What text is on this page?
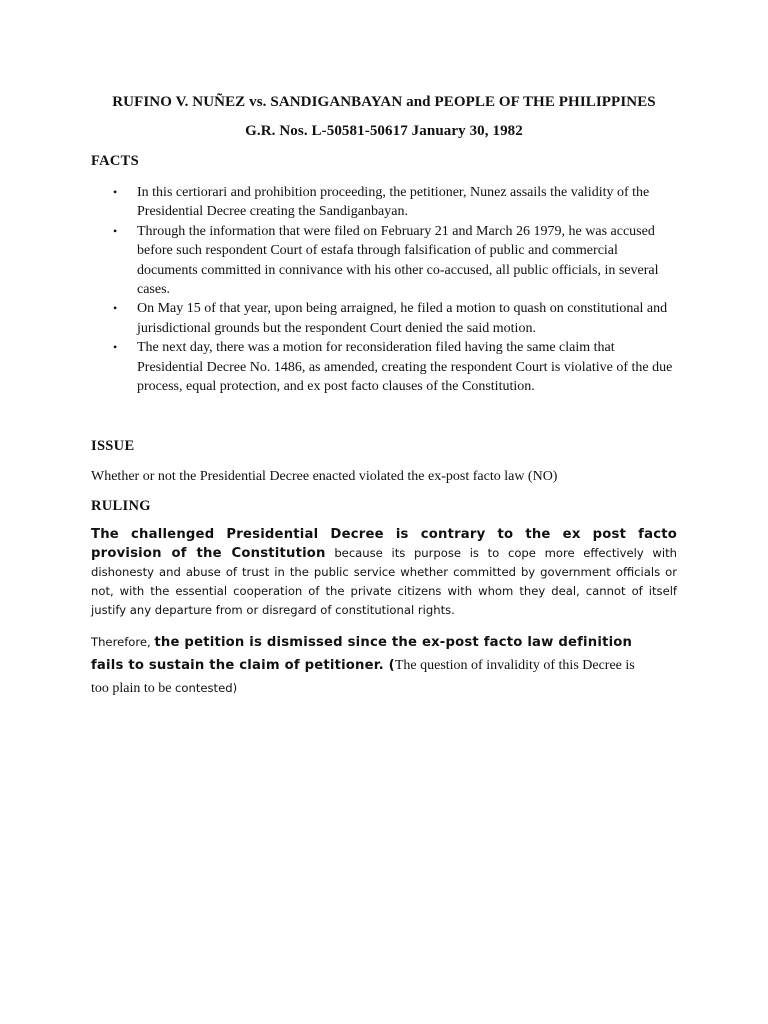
RUFINO V. NUÑEZ vs. SANDIGANBAYAN and PEOPLE OF THE PHILIPPINES
G.R. Nos. L-50581-50617 January 30, 1982
FACTS
• In this certiorari and prohibition proceeding, the petitioner, Nunez assails the validity of the Presidential Decree creating the Sandiganbayan.
• Through the information that were filed on February 21 and March 26 1979, he was accused before such respondent Court of estafa through falsification of public and commercial documents committed in connivance with his other co-accused, all public officials, in several cases.
• On May 15 of that year, upon being arraigned, he filed a motion to quash on constitutional and jurisdictional grounds but the respondent Court denied the said motion.
• The next day, there was a motion for reconsideration filed having the same claim that Presidential Decree No. 1486, as amended, creating the respondent Court is violative of the due process, equal protection, and ex post facto clauses of the Constitution.
ISSUE
Whether or not the Presidential Decree enacted violated the ex-post facto law (NO)
RULING
The challenged Presidential Decree is contrary to the ex post facto provision of the Constitution because its purpose is to cope more effectively with dishonesty and abuse of trust in the public service whether committed by government officials or not, with the essential cooperation of the private citizens with whom they deal, cannot of itself justify any departure from or disregard of constitutional rights.
Therefore, the petition is dismissed since the ex-post facto law definition fails to sustain the claim of petitioner. (The question of invalidity of this Decree is too plain to be contested)
